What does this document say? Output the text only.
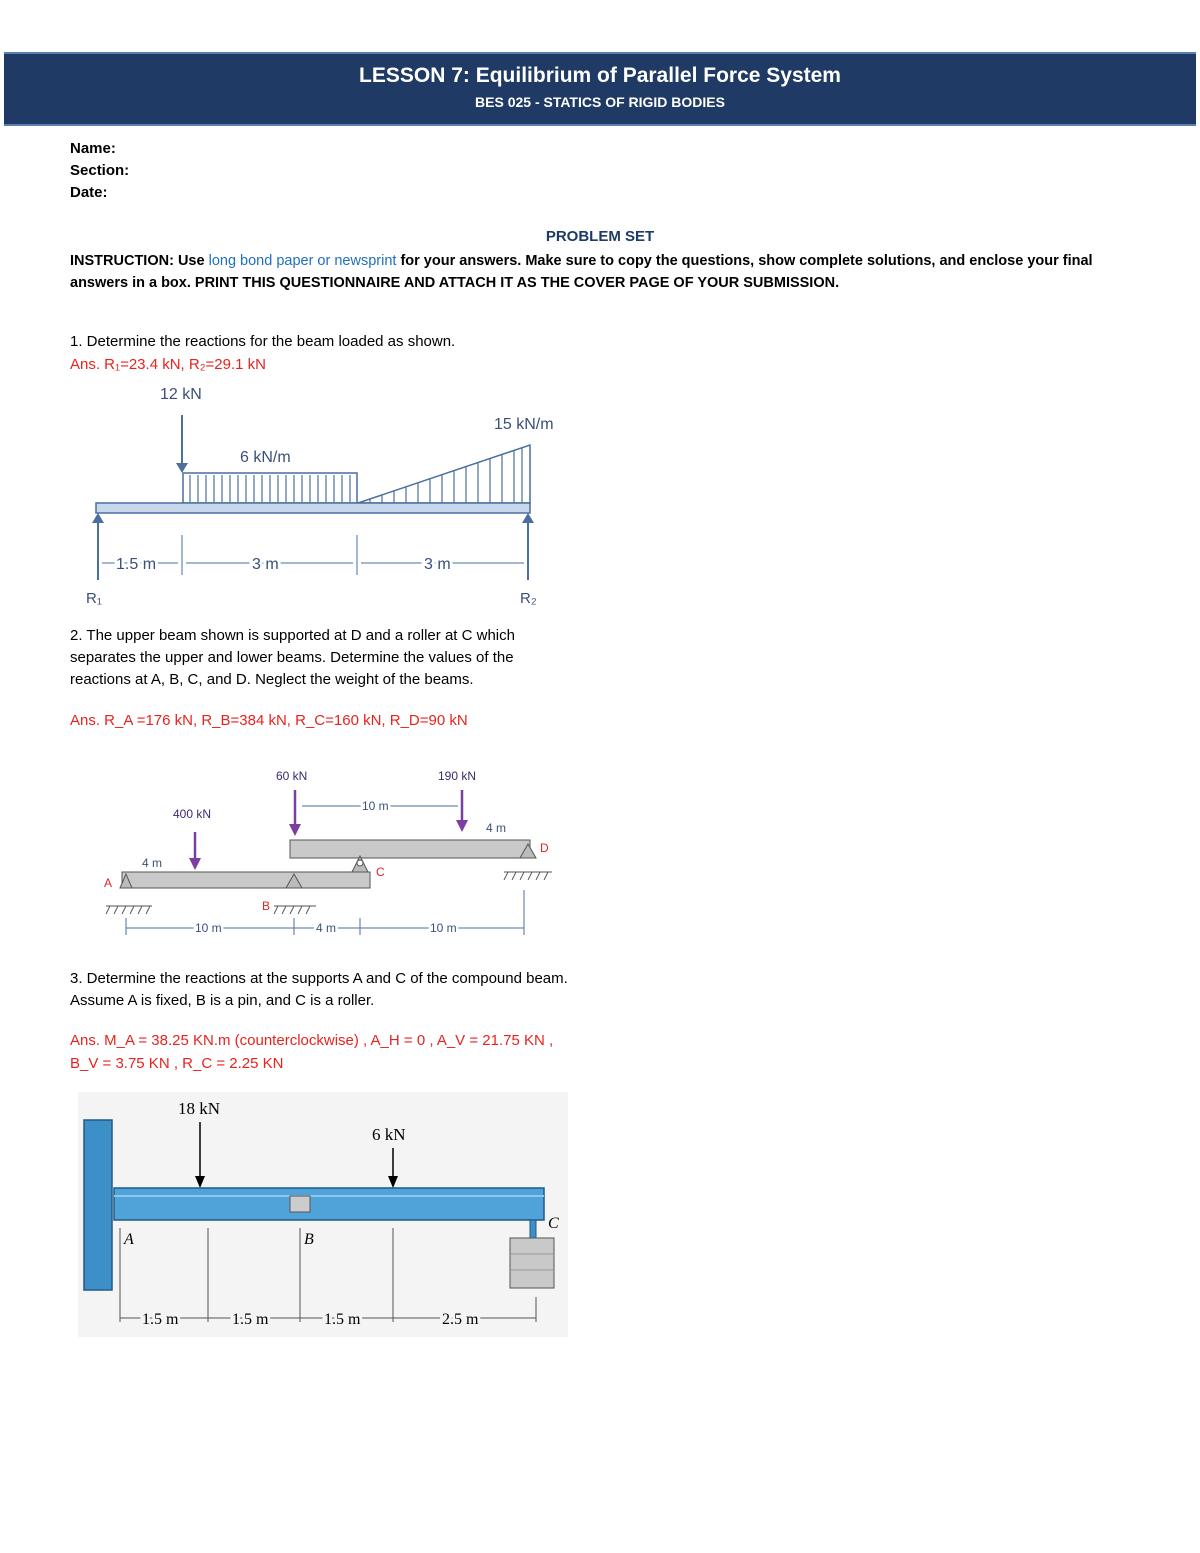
LESSON 7: Equilibrium of Parallel Force System
BES 025 - STATICS OF RIGID BODIES
Name:
Section:
Date:
PROBLEM SET
INSTRUCTION: Use long bond paper or newsprint for your answers. Make sure to copy the questions, show complete solutions, and enclose your final answers in a box. PRINT THIS QUESTIONNAIRE AND ATTACH IT AS THE COVER PAGE OF YOUR SUBMISSION.
1. Determine the reactions for the beam loaded as shown.
Ans. R₁=23.4 kN, R₂=29.1 kN
12 kN
6 kN/m
15 kN/m
1.5 m	3 m	3 m
R₁	R₂
2. The upper beam shown is supported at D and a roller at C which separates the upper and lower beams. Determine the values of the reactions at A, B, C, and D. Neglect the weight of the beams.
Ans. R_A =176 kN, R_B=384 kN, R_C=160 kN, R_D=90 kN
60 kN	190 kN
400 kN
10 m
4 m
4 m
A
B
C
D
10 m	4 m	10 m
3. Determine the reactions at the supports A and C of the compound beam. Assume A is fixed, B is a pin, and C is a roller.
Ans. M_A = 38.25 KN.m (counterclockwise) , A_H = 0 , A_V = 21.75 KN ,
B_V = 3.75 KN , R_C = 2.25 KN
18 kN
6 kN
A	B
C
1.5 m	1.5 m	1.5 m	2.5 m
